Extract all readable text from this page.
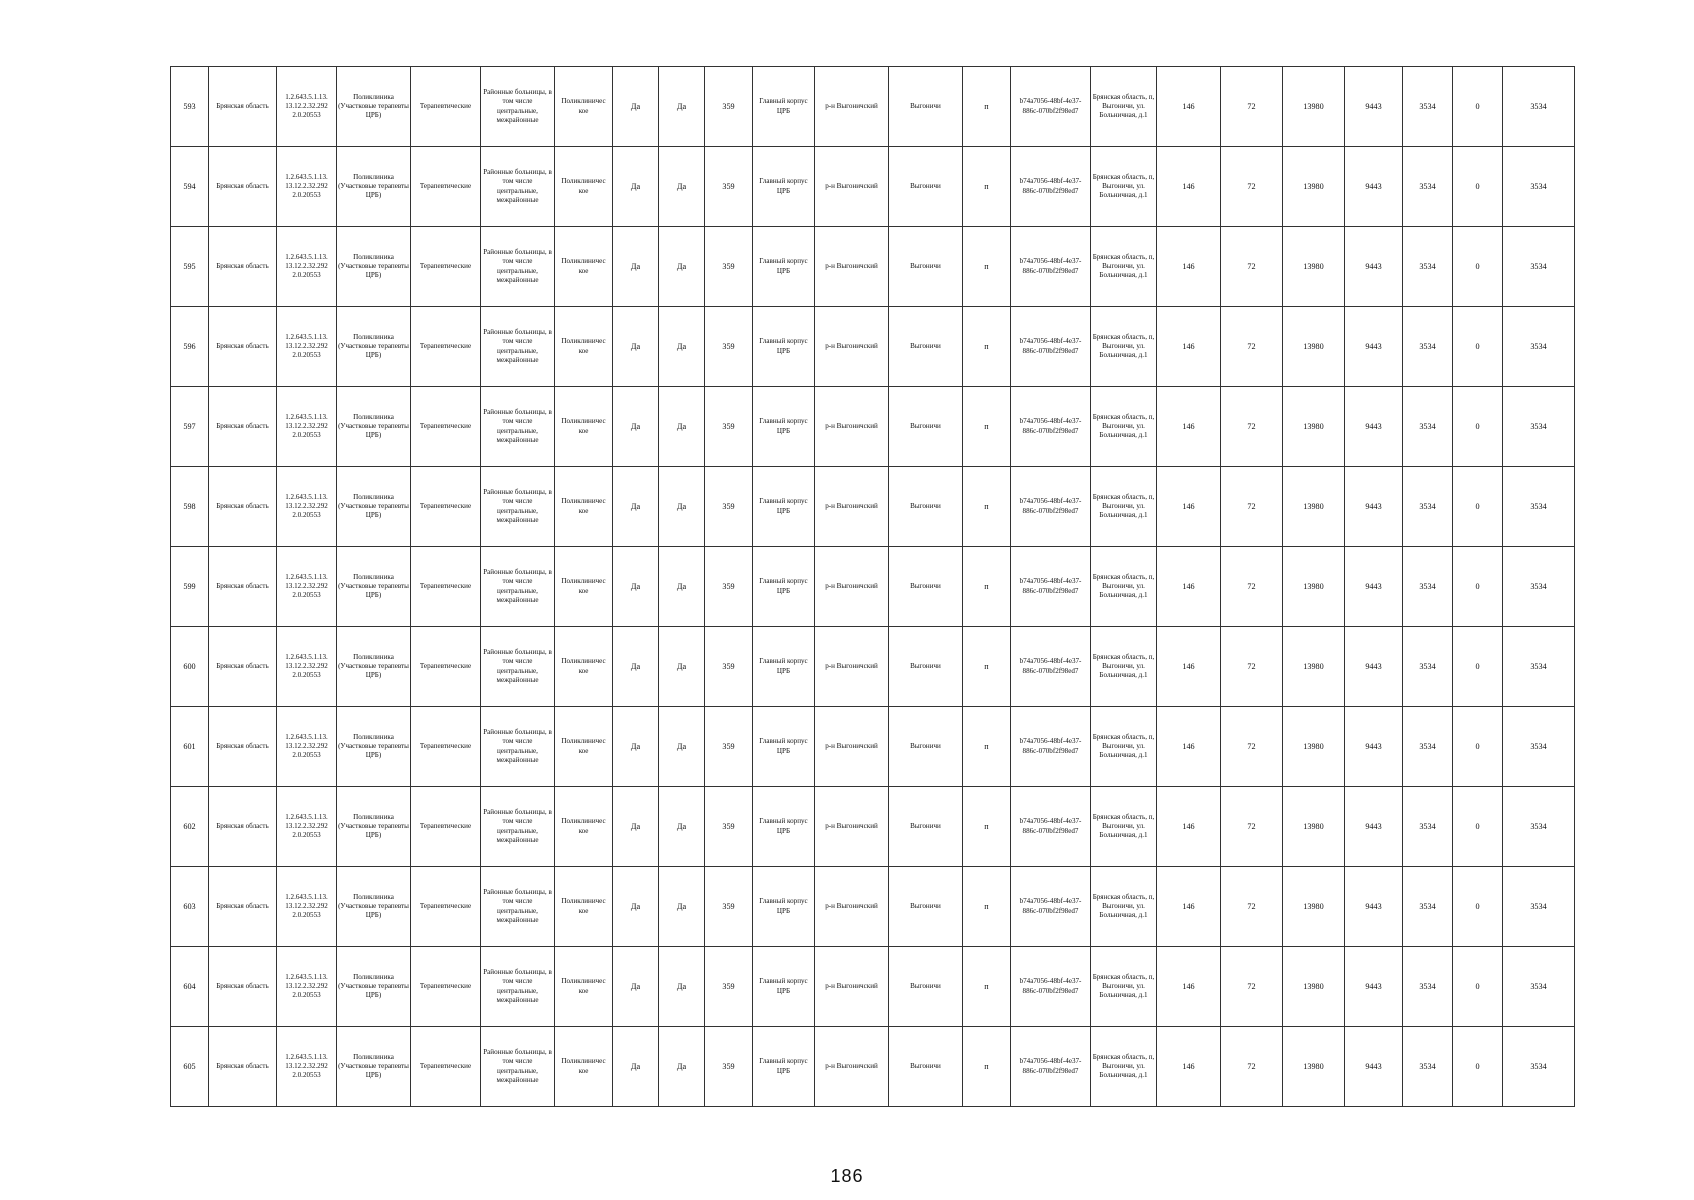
593	Брянская область	1.2.643.5.1.13. 13.12.2.32.292 2.0.20553	Поликлиника (Участковые терапевты ЦРБ)	Терапевтические	Районные больницы, в том числе центральные, межрайонные	Поликлиничес кое	Да	Да	359	Главный корпус ЦРБ	р-н Выгоничский	Выгоничи	п	b74a7056-48bf-4e37-886c-070bf2f98ed7	Брянская область, п, Выгоничи, ул. Больничная, д.1	146	72	13980	9443	3534	0	3534
594	Брянская область	1.2.643.5.1.13. 13.12.2.32.292 2.0.20553	Поликлиника (Участковые терапевты ЦРБ)	Терапевтические	Районные больницы, в том числе центральные, межрайонные	Поликлиничес кое	Да	Да	359	Главный корпус ЦРБ	р-н Выгоничский	Выгоничи	п	b74a7056-48bf-4e37-886c-070bf2f98ed7	Брянская область, п, Выгоничи, ул. Больничная, д.1	146	72	13980	9443	3534	0	3534
595	Брянская область	1.2.643.5.1.13. 13.12.2.32.292 2.0.20553	Поликлиника (Участковые терапевты ЦРБ)	Терапевтические	Районные больницы, в том числе центральные, межрайонные	Поликлиничес кое	Да	Да	359	Главный корпус ЦРБ	р-н Выгоничский	Выгоничи	п	b74a7056-48bf-4e37-886c-070bf2f98ed7	Брянская область, п, Выгоничи, ул. Больничная, д.1	146	72	13980	9443	3534	0	3534
596	Брянская область	1.2.643.5.1.13. 13.12.2.32.292 2.0.20553	Поликлиника (Участковые терапевты ЦРБ)	Терапевтические	Районные больницы, в том числе центральные, межрайонные	Поликлиничес кое	Да	Да	359	Главный корпус ЦРБ	р-н Выгоничский	Выгоничи	п	b74a7056-48bf-4e37-886c-070bf2f98ed7	Брянская область, п, Выгоничи, ул. Больничная, д.1	146	72	13980	9443	3534	0	3534
597	Брянская область	1.2.643.5.1.13. 13.12.2.32.292 2.0.20553	Поликлиника (Участковые терапевты ЦРБ)	Терапевтические	Районные больницы, в том числе центральные, межрайонные	Поликлиничес кое	Да	Да	359	Главный корпус ЦРБ	р-н Выгоничский	Выгоничи	п	b74a7056-48bf-4e37-886c-070bf2f98ed7	Брянская область, п, Выгоничи, ул. Больничная, д.1	146	72	13980	9443	3534	0	3534
598	Брянская область	1.2.643.5.1.13. 13.12.2.32.292 2.0.20553	Поликлиника (Участковые терапевты ЦРБ)	Терапевтические	Районные больницы, в том числе центральные, межрайонные	Поликлиничес кое	Да	Да	359	Главный корпус ЦРБ	р-н Выгоничский	Выгоничи	п	b74a7056-48bf-4e37-886c-070bf2f98ed7	Брянская область, п, Выгоничи, ул. Больничная, д.1	146	72	13980	9443	3534	0	3534
599	Брянская область	1.2.643.5.1.13. 13.12.2.32.292 2.0.20553	Поликлиника (Участковые терапевты ЦРБ)	Терапевтические	Районные больницы, в том числе центральные, межрайонные	Поликлиничес кое	Да	Да	359	Главный корпус ЦРБ	р-н Выгоничский	Выгоничи	п	b74a7056-48bf-4e37-886c-070bf2f98ed7	Брянская область, п, Выгоничи, ул. Больничная, д.1	146	72	13980	9443	3534	0	3534
600	Брянская область	1.2.643.5.1.13. 13.12.2.32.292 2.0.20553	Поликлиника (Участковые терапевты ЦРБ)	Терапевтические	Районные больницы, в том числе центральные, межрайонные	Поликлиничес кое	Да	Да	359	Главный корпус ЦРБ	р-н Выгоничский	Выгоничи	п	b74a7056-48bf-4e37-886c-070bf2f98ed7	Брянская область, п, Выгоничи, ул. Больничная, д.1	146	72	13980	9443	3534	0	3534
601	Брянская область	1.2.643.5.1.13. 13.12.2.32.292 2.0.20553	Поликлиника (Участковые терапевты ЦРБ)	Терапевтические	Районные больницы, в том числе центральные, межрайонные	Поликлиничес кое	Да	Да	359	Главный корпус ЦРБ	р-н Выгоничский	Выгоничи	п	b74a7056-48bf-4e37-886c-070bf2f98ed7	Брянская область, п, Выгоничи, ул. Больничная, д.1	146	72	13980	9443	3534	0	3534
602	Брянская область	1.2.643.5.1.13. 13.12.2.32.292 2.0.20553	Поликлиника (Участковые терапевты ЦРБ)	Терапевтические	Районные больницы, в том числе центральные, межрайонные	Поликлиничес кое	Да	Да	359	Главный корпус ЦРБ	р-н Выгоничский	Выгоничи	п	b74a7056-48bf-4e37-886c-070bf2f98ed7	Брянская область, п, Выгоничи, ул. Больничная, д.1	146	72	13980	9443	3534	0	3534
603	Брянская область	1.2.643.5.1.13. 13.12.2.32.292 2.0.20553	Поликлиника (Участковые терапевты ЦРБ)	Терапевтические	Районные больницы, в том числе центральные, межрайонные	Поликлиничес кое	Да	Да	359	Главный корпус ЦРБ	р-н Выгоничский	Выгоничи	п	b74a7056-48bf-4e37-886c-070bf2f98ed7	Брянская область, п, Выгоничи, ул. Больничная, д.1	146	72	13980	9443	3534	0	3534
604	Брянская область	1.2.643.5.1.13. 13.12.2.32.292 2.0.20553	Поликлиника (Участковые терапевты ЦРБ)	Терапевтические	Районные больницы, в том числе центральные, межрайонные	Поликлиничес кое	Да	Да	359	Главный корпус ЦРБ	р-н Выгоничский	Выгоничи	п	b74a7056-48bf-4e37-886c-070bf2f98ed7	Брянская область, п, Выгоничи, ул. Больничная, д.1	146	72	13980	9443	3534	0	3534
605	Брянская область	1.2.643.5.1.13. 13.12.2.32.292 2.0.20553	Поликлиника (Участковые терапевты ЦРБ)	Терапевтические	Районные больницы, в том числе центральные, межрайонные	Поликлиничес кое	Да	Да	359	Главный корпус ЦРБ	р-н Выгоничский	Выгоничи	п	b74a7056-48bf-4e37-886c-070bf2f98ed7	Брянская область, п, Выгоничи, ул. Больничная, д.1	146	72	13980	9443	3534	0	3534
186
